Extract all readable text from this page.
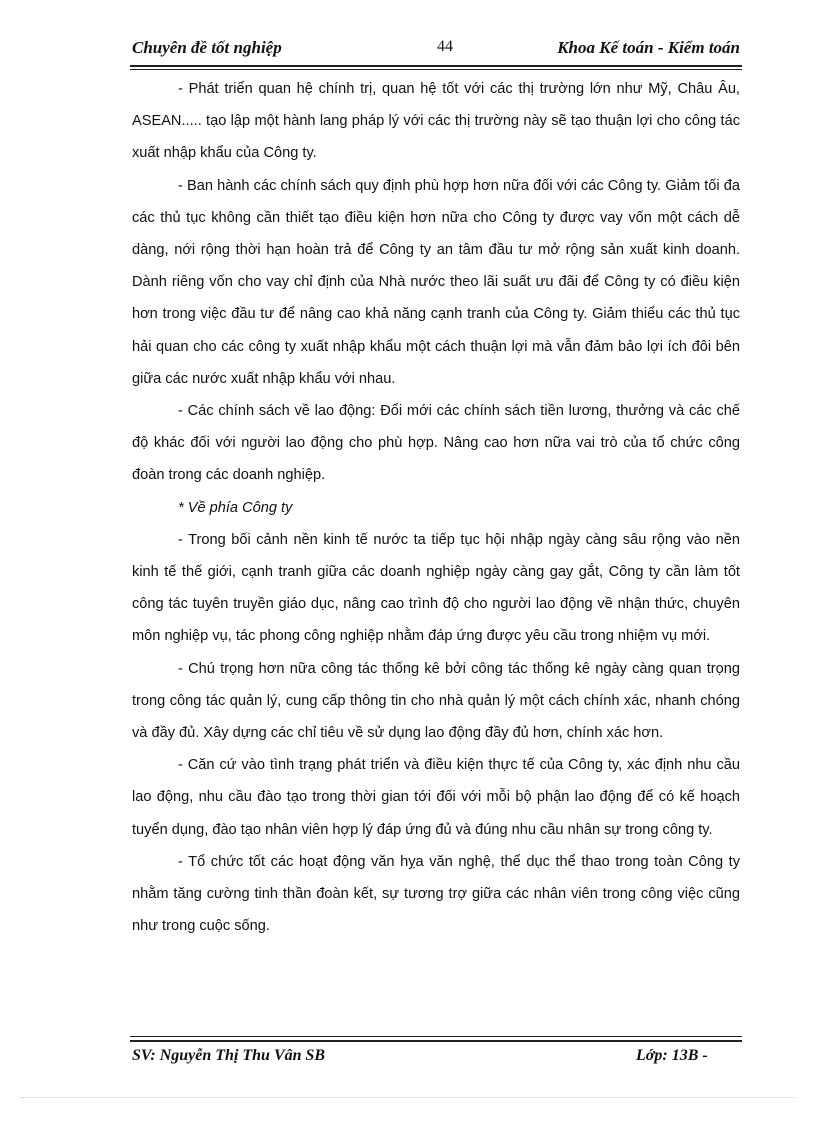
Chuyên đề tốt nghiệp	44	Khoa Kế toán - Kiểm toán

- Phát triển quan hệ chính trị, quan hệ tốt với các thị trường lớn như Mỹ, Châu Âu, ASEAN..... tạo lập một hành lang pháp lý với các thị trường này sẽ tạo thuận lợi cho công tác xuất nhập khẩu của Công ty.

- Ban hành các chính sách quy định phù hợp hơn nữa đối với các Công ty. Giảm tối đa các thủ tục không cần thiết tạo điều kiện hơn nữa cho Công ty được vay vốn một cách dễ dàng, nới rộng thời hạn hoàn trả để Công ty an tâm đầu tư mở rộng sản xuất kinh doanh. Dành riêng vốn cho vay chỉ định của Nhà nước theo lãi suất ưu đãi để Công ty có điều kiện hơn trong việc đầu tư để nâng cao khả năng cạnh tranh của Công ty. Giảm thiểu các thủ tục hải quan cho các công ty xuất nhập khẩu một cách thuận lợi mà vẫn đảm bảo lợi ích đôi bên giữa các nước xuất nhập khẩu với nhau.

- Các chính sách về lao động: Đổi mới các chính sách tiền lương, thưởng và các chế độ khác đối với người lao động cho phù hợp. Nâng cao hơn nữa vai trò của tổ chức công đoàn trong các doanh nghiệp.

* Về phía Công ty

- Trong bối cảnh nền kinh tế nước ta tiếp tục hội nhập ngày càng sâu rộng vào nền kinh tế thế giới, cạnh tranh giữa các doanh nghiệp ngày càng gay gắt, Công ty cần làm tốt công tác tuyên truyền giáo dục, nâng cao trình độ cho người lao động về nhận thức, chuyên môn nghiệp vụ, tác phong công nghiệp nhằm đáp ứng được yêu cầu trong nhiệm vụ mới.

- Chú trọng hơn nữa công tác thống kê bởi công tác thống kê ngày càng quan trọng trong công tác quản lý, cung cấp thông tin cho nhà quản lý một cách chính xác, nhanh chóng và đầy đủ. Xây dựng các chỉ tiêu về sử dụng lao động đầy đủ hơn, chính xác hơn.

- Căn cứ vào tình trạng phát triển và điều kiện thực tế của Công ty, xác định nhu cầu lao động, nhu cầu đào tạo trong thời gian tới đối với mỗi bộ phận lao động để có kế hoạch tuyển dụng, đào tạo nhân viên hợp lý đáp ứng đủ và đúng nhu cầu nhân sự trong công ty.

- Tổ chức tốt các hoạt động văn hỵa văn nghệ, thể dục thể thao trong toàn Công ty nhằm tăng cường tinh thần đoàn kết, sự tương trợ giữa các nhân viên trong công việc cũng như trong cuộc sống.

SV: Nguyễn Thị Thu Vân SB	Lớp: 13B -
